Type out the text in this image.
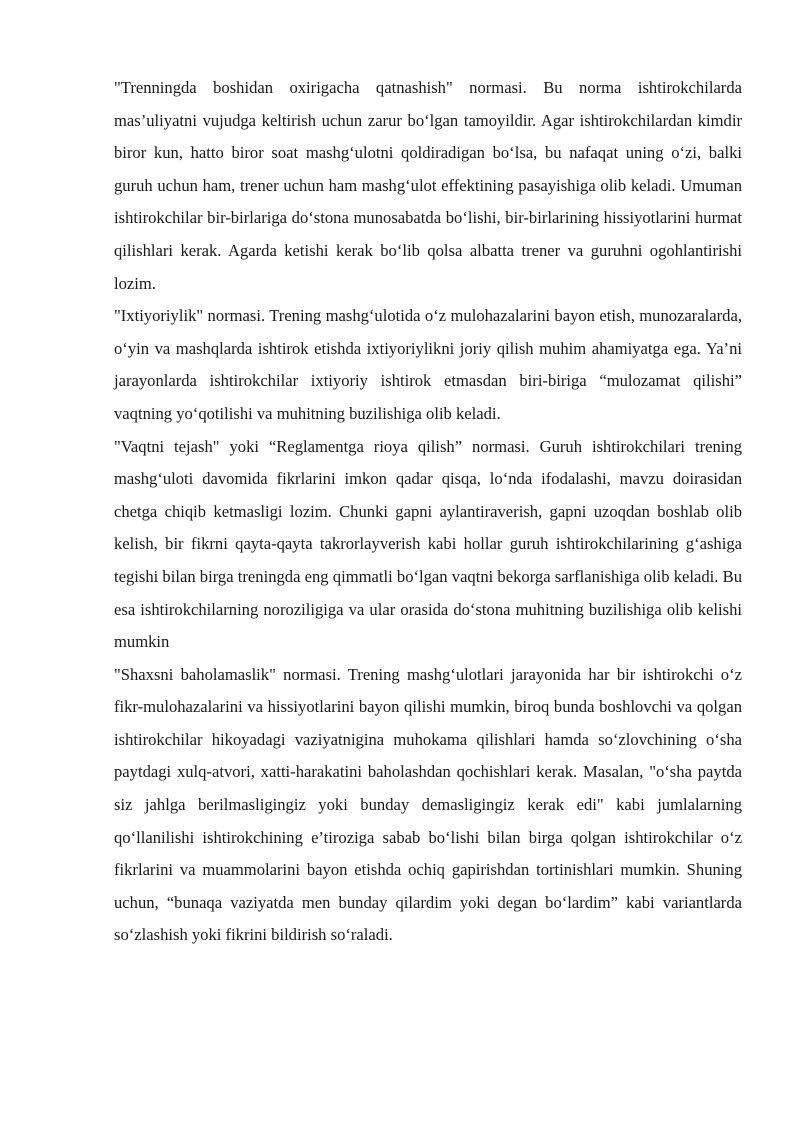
"Trenningda boshidan oxirigacha qatnashish" normasi. Bu norma ishtirokchilarda mas’uliyatni vujudga keltirish uchun zarur bo‘lgan tamoyildir. Agar ishtirokchilardan kimdir biror kun, hatto biror soat mashg‘ulotni qoldiradigan bo‘lsa, bu nafaqat uning o‘zi, balki guruh uchun ham, trener uchun ham mashg‘ulot effektining pasayishiga olib keladi. Umuman ishtirokchilar bir-birlariga do‘stona munosabatda bo‘lishi, bir-birlarining hissiyotlarini hurmat qilishlari kerak. Agarda ketishi kerak bo‘lib qolsa albatta trener va guruhni ogohlantirishi lozim.

"Ixtiyoriylik" normasi. Trening mashg‘ulotida o‘z mulohazalarini bayon etish, munozaralarda, o‘yin va mashqlarda ishtirok etishda ixtiyoriylikni joriy qilish muhim ahamiyatga ega. Ya’ni jarayonlarda ishtirokchilar ixtiyoriy ishtirok etmasdan biri-biriga “mulozamat qilishi” vaqtning yo‘qotilishi va muhitning buzilishiga olib keladi.

"Vaqtni tejash" yoki “Reglamentga rioya qilish” normasi. Guruh ishtirokchilari trening mashg‘uloti davomida fikrlarini imkon qadar qisqa, lo‘nda ifodalashi, mavzu doirasidan chetga chiqib ketmasligi lozim. Chunki gapni aylantiraverish, gapni uzoqdan boshlab olib kelish, bir fikrni qayta-qayta takrorlayverish kabi hollar guruh ishtirokchilarining g‘ashiga tegishi bilan birga treningda eng qimmatli bo‘lgan vaqtni bekorga sarflanishiga olib keladi. Bu esa ishtirokchilarning noroziligiga va ular orasida do‘stona muhitning buzilishiga olib kelishi mumkin

"Shaxsni baholamaslik" normasi. Trening mashg‘ulotlari jarayonida har bir ishtirokchi o‘z fikr-mulohazalarini va hissiyotlarini bayon qilishi mumkin, biroq bunda boshlovchi va qolgan ishtirokchilar hikoyadagi vaziyatnigina muhokama qilishlari hamda so‘zlovchining o‘sha paytdagi xulq-atvori, xatti-harakatini baholashdan qochishlari kerak. Masalan, "o‘sha paytda siz jahlga berilmasligingiz yoki bunday demasligingiz kerak edi" kabi jumlalarning qo‘llanilishi ishtirokchining e’tiroziga sabab bo‘lishi bilan birga qolgan ishtirokchilar o‘z fikrlarini va muammolarini bayon etishda ochiq gapirishdan tortinishlari mumkin. Shuning uchun, “bunaqa vaziyatda men bunday qilardim yoki degan bo‘lardim” kabi variantlarda so‘zlashish yoki fikrini bildirish so‘raladi.
